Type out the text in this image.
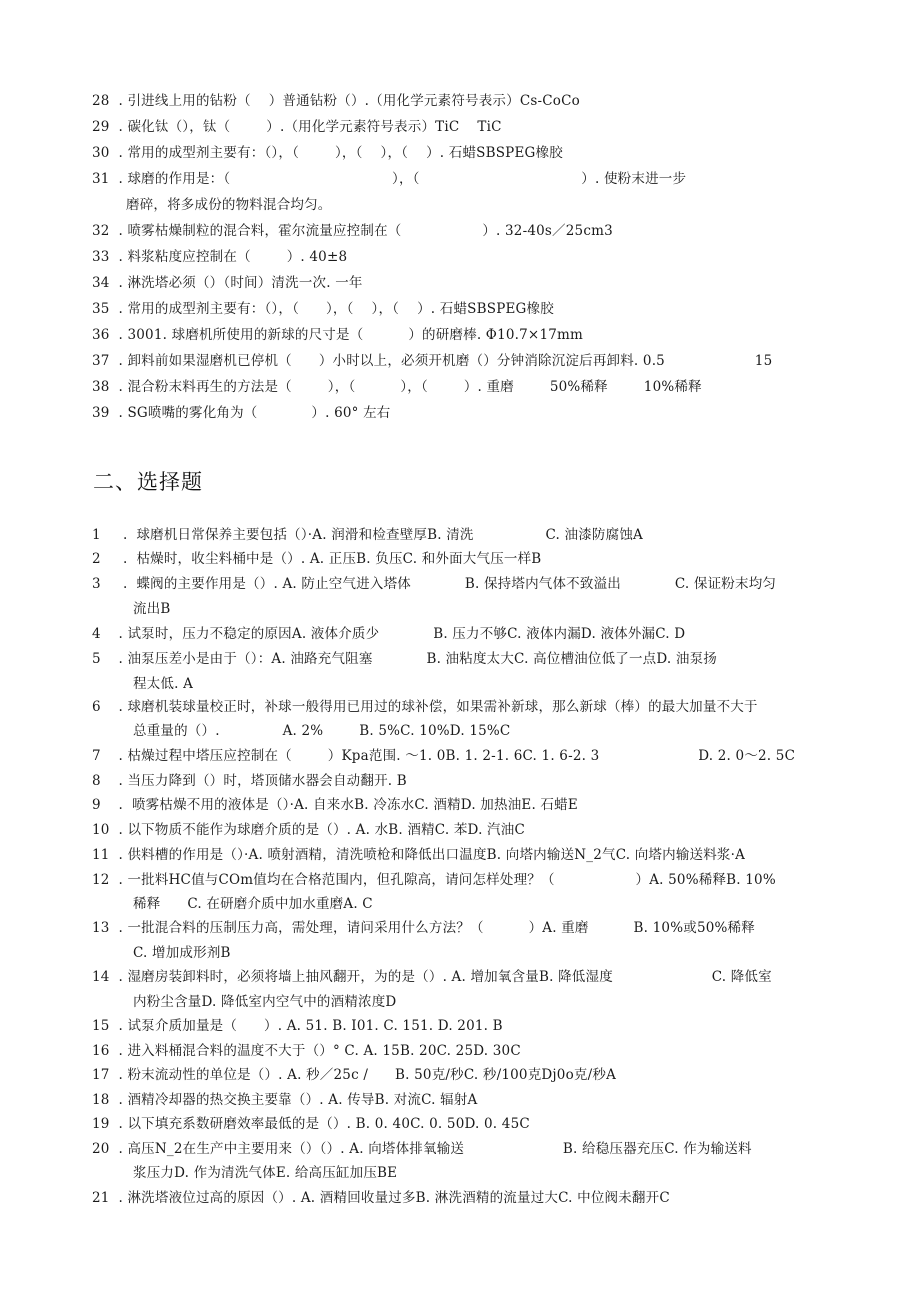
28 . 引进线上用的钻粉（    ）普通钻粉（）.（用化学元素符号表示）Cs-CoCo
29 . 碳化钛（），钛（        ）.（用化学元素符号表示）TiC    TiC
30 . 常用的成型剂主要有：（），（        ），（    ），（    ）. 石蜡SBSPEG橡胶
31 . 球磨的作用是：（                                    ），（                                    ）. 使粉末进一步
磨碎，将多成份的物料混合均匀。
32 . 喷雾枯燥制粒的混合料，霍尔流量应控制在（                  ）. 32-40s／25cm3
33 . 料浆粘度应控制在（        ）. 40±8
34 . 淋洗塔必须（）（时间）清洗一次. 一年
35 . 常用的成型剂主要有：（），（      ），（    ），（    ）. 石蜡SBSPEG橡胶
36 . 3001. 球磨机所使用的新球的尺寸是（          ）的研磨棒. Φ10.7×17mm
37 . 卸料前如果湿磨机已停机（      ）小时以上，必须开机磨（）分钟消除沉淀后再卸料. 0.5                    15
38 . 混合粉末料再生的方法是（        ），（          ），（        ）. 重磨        50%稀释        10%稀释
39 . SG喷嘴的雾化角为（            ）. 60° 左右
二、选择题
1  .  球磨机日常保养主要包括（）·A. 润滑和检查壁厚B. 清洗                C. 油漆防腐蚀A
2  .  枯燥时，收尘料桶中是（）. A. 正压B. 负压C. 和外面大气压一样B
3  .  蝶阀的主要作用是（）. A. 防止空气进入塔体            B. 保持塔内气体不致溢出            C. 保证粉末均匀
流出B
4 . 试泵时，压力不稳定的原因A. 液体介质少            B. 压力不够C. 液体内漏D. 液体外漏C. D
5 . 油泵压差小是由于（）：A. 油路充气阻塞            B. 油粘度太大C. 高位槽油位低了一点D. 油泵扬
程太低. A
6 . 球磨机装球量校正时，补球一般得用已用过的球补偿，如果需补新球，那么新球（棒）的最大加量不大于
总重量的（）.              A. 2%        B. 5%C. 10%D. 15%C
7 . 枯燥过程中塔压应控制在（        ）Kpa范围. ～1. 0B. 1. 2-1. 6C. 1. 6-2. 3                      D. 2. 0～2. 5C
8 . 当压力降到（）时，塔顶储水器会自动翻开. B
9 .  喷雾枯燥不用的液体是（）·A. 自来水B. 冷冻水C. 酒精D. 加热油E. 石蜡E
10 . 以下物质不能作为球磨介质的是（）. A. 水B. 酒精C. 苯D. 汽油C
11 . 供料槽的作用是（）·A. 喷射酒精，清洗喷枪和降低出口温度B. 向塔内输送N_2气C. 向塔内输送料浆·A
12 . 一批料HC值与COm值均在合格范围内，但孔隙高，请问怎样处理？（                  ）A. 50%稀释B. 10%
稀释      C. 在研磨介质中加水重磨A. C
13 . 一批混合料的压制压力高，需处理，请问采用什么方法？（          ）A. 重磨          B. 10%或50%稀释
C. 增加成形剂B
14 . 湿磨房装卸料时，必须将墙上抽风翻开，为的是（）. A. 增加氧含量B. 降低湿度                      C. 降低室
内粉尘含量D. 降低室内空气中的酒精浓度D
15 . 试泵介质加量是（      ）. A. 51. B. I01. C. 151. D. 201. B
16 . 进入料桶混合料的温度不大于（）° C. A. 15B. 20C. 25D. 30C
17 . 粉末流动性的单位是（）. A. 秒／25c /      B. 50克/秒C. 秒/100克Dj0o克/秒A
18 . 酒精冷却器的热交换主要靠（）. A. 传导B. 对流C. 辐射A
19 . 以下填充系数研磨效率最低的是（）. B. 0. 40C. 0. 50D. 0. 45C
20 . 高压N_2在生产中主要用来（）（）. A. 向塔体排氧输送                      B. 给稳压器充压C. 作为输送料
浆压力D. 作为清洗气体E. 给高压缸加压BE
21 . 淋洗塔液位过高的原因（）. A. 酒精回收量过多B. 淋洗酒精的流量过大C. 中位阀未翻开C
